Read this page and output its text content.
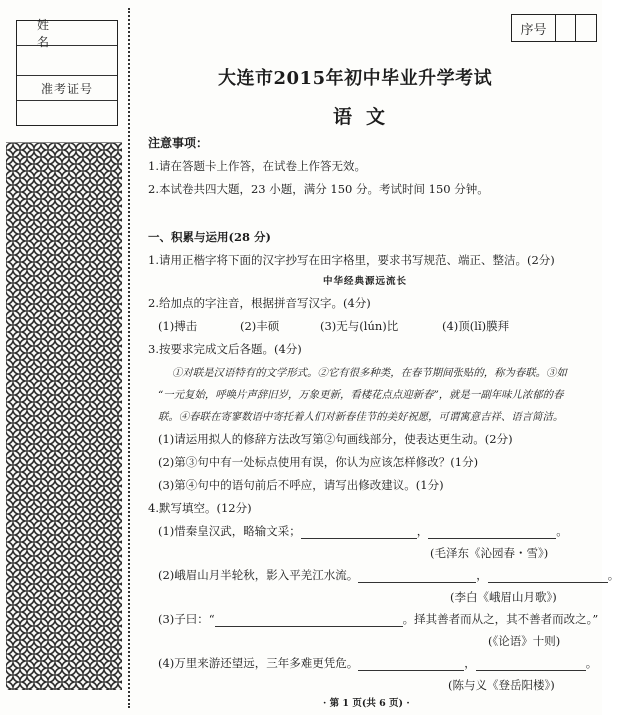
姓 名
准考证号
序号
大连市2015年初中毕业升学考试
语文
注意事项：
1.请在答题卡上作答，在试卷上作答无效。
2.本试卷共四大题，23 小题，满分 150 分。考试时间 150 分钟。
一、积累与运用(28 分)
1.请用正楷字将下面的汉字抄写在田字格里，要求书写规范、端正、整洁。(2分)
中华经典源远流长
2.给加点的字注音，根据拼音写汉字。(4分)
(1)搏击	(2)丰硕	(3)无与(lún)比	(4)顶(lǐ)膜拜
3.按要求完成文后各题。(4分)
①对联是汉语特有的文学形式。②它有很多种类，在春节期间张贴的，称为春联。③如
“一元复始，呼唤片声辞旧岁，万象更新，看楼花点点迎新春”，就是一副年味儿浓郁的春
联。④春联在寄寥数语中寄托着人们对新春佳节的美好祝愿，可谓寓意吉祥、语言简洁。
(1)请运用拟人的修辞方法改写第②句画线部分，使表达更生动。(2分)
(2)第③句中有一处标点使用有误，你认为应该怎样修改？(1分)
(3)第④句中的语句前后不呼应，请写出修改建议。(1分)
4.默写填空。(12分)
(1)惜秦皇汉武，略输文采；	，	。
(毛泽东《沁园春・雪》)
(2)峨眉山月半轮秋，影入平羌江水流。	，	。
(李白《峨眉山月歌》)
(3)子曰：“	。择其善者而从之，其不善者而改之。”
(《论语》十则)
(4)万里来游还望远，三年多难更凭危。	，	。
(陈与义《登岳阳楼》)
· 第 1 页(共 6 页) ·
